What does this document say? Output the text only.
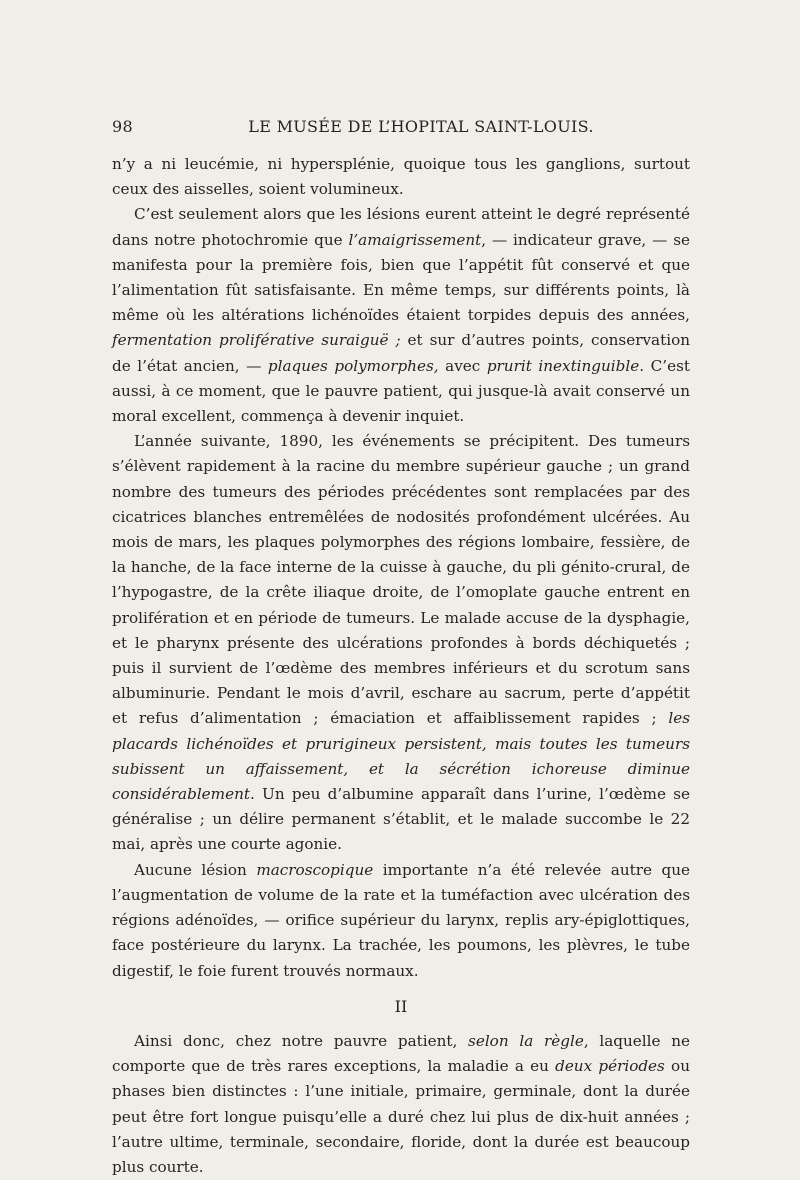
98	LE MUSÉE DE L’HOPITAL SAINT-LOUIS.

n’y a ni leucémie, ni hypersplénie, quoique tous les ganglions, surtout ceux des aisselles, soient volumineux.

C’est seulement alors que les lésions eurent atteint le degré représenté dans notre photochromie que l’amaigrissement, — indicateur grave, — se manifesta pour la première fois, bien que l’appétit fût conservé et que l’alimentation fût satisfaisante. En même temps, sur différents points, là même où les altérations lichénoïdes étaient torpides depuis des années, fermentation proliférative suraiguë ; et sur d’autres points, conservation de l’état ancien, — plaques polymorphes, avec prurit inextinguible. C’est aussi, à ce moment, que le pauvre patient, qui jusque-là avait conservé un moral excellent, commença à devenir inquiet.

L’année suivante, 1890, les événements se précipitent. Des tumeurs s’élèvent rapidement à la racine du membre supérieur gauche ; un grand nombre des tumeurs des périodes précédentes sont remplacées par des cicatrices blanches entremêlées de nodosités profondément ulcérées. Au mois de mars, les plaques polymorphes des régions lombaire, fessière, de la hanche, de la face interne de la cuisse à gauche, du pli génito-crural, de l’hypogastre, de la crête iliaque droite, de l’omoplate gauche entrent en prolifération et en période de tumeurs. Le malade accuse de la dysphagie, et le pharynx présente des ulcérations profondes à bords déchiquetés ; puis il survient de l’œdème des membres inférieurs et du scrotum sans albuminurie. Pendant le mois d’avril, eschare au sacrum, perte d’appétit et refus d’alimentation ; émaciation et affaiblissement rapides ; les placards lichénoïdes et prurigineux persistent, mais toutes les tumeurs subissent un affaissement, et la sécrétion ichoreuse diminue considérablement. Un peu d’albumine apparaît dans l’urine, l’œdème se généralise ; un délire permanent s’établit, et le malade succombe le 22 mai, après une courte agonie.

Aucune lésion macroscopique importante n’a été relevée autre que l’augmentation de volume de la rate et la tuméfaction avec ulcération des régions adénoïdes, — orifice supérieur du larynx, replis ary-épiglottiques, face postérieure du larynx. La trachée, les poumons, les plèvres, le tube digestif, le foie furent trouvés normaux.

II

Ainsi donc, chez notre pauvre patient, selon la règle, laquelle ne comporte que de très rares exceptions, la maladie a eu deux périodes ou phases bien distinctes : l’une initiale, primaire, germinale, dont la durée peut être fort longue puisqu’elle a duré chez lui plus de dix-huit années ; l’autre ultime, terminale, secondaire, floride, dont la durée est beaucoup plus courte.
